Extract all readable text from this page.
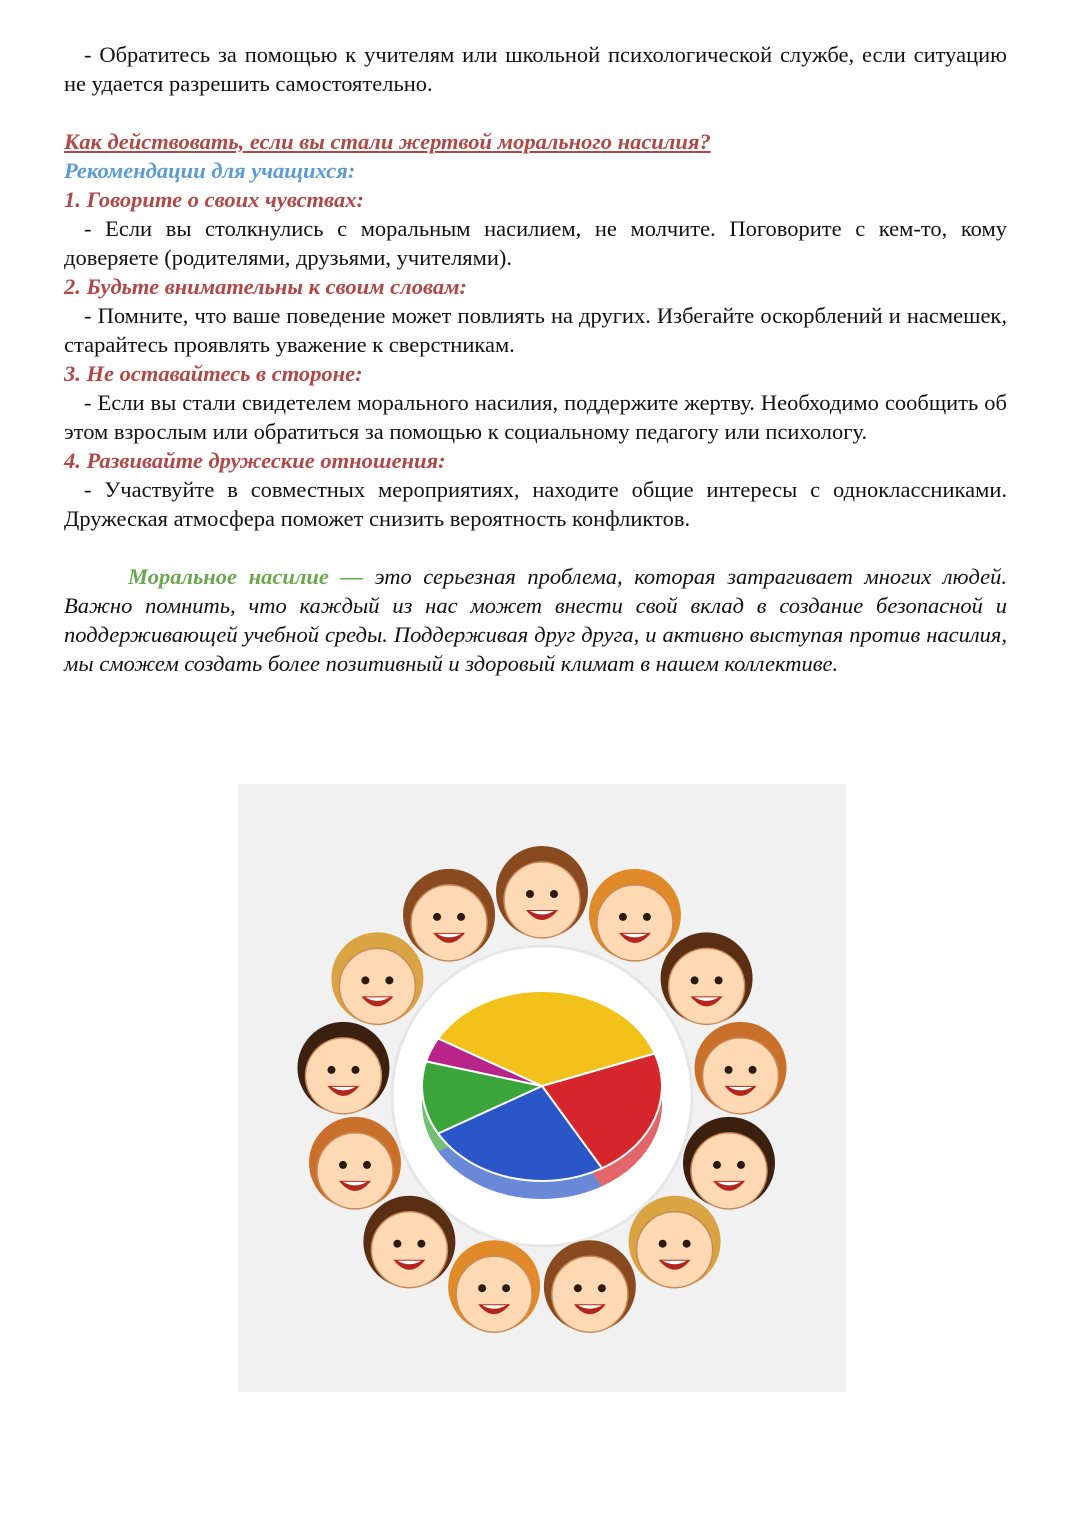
- Обратитесь за помощью к учителям или школьной психологической службе, если ситуацию не удается разрешить самостоятельно.

Как действовать, если вы стали жертвой морального насилия?

Рекомендации для учащихся:

1. Говорите о своих чувствах:

- Если вы столкнулись с моральным насилием, не молчите. Поговорите с кем-то, кому доверяете (родителями, друзьями, учителями).

2. Будьте внимательны к своим словам:

- Помните, что ваше поведение может повлиять на других. Избегайте оскорблений и насмешек, старайтесь проявлять уважение к сверстникам.

3. Не оставайтесь в стороне:

- Если вы стали свидетелем морального насилия, поддержите жертву. Необходимо сообщить об этом взрослым или обратиться за помощью к социальному педагогу или психологу.

4. Развивайте дружеские отношения:

- Участвуйте в совместных мероприятиях, находите общие интересы с одноклассниками. Дружеская атмосфера поможет снизить вероятность конфликтов.

Моральное насилие — это серьезная проблема, которая затрагивает многих людей. Важно помнить, что каждый из нас может внести свой вклад в создание безопасной и поддерживающей учебной среды. Поддерживая друг друга, и активно выступая против насилия, мы сможем создать более позитивный и здоровый климат в нашем коллективе.
